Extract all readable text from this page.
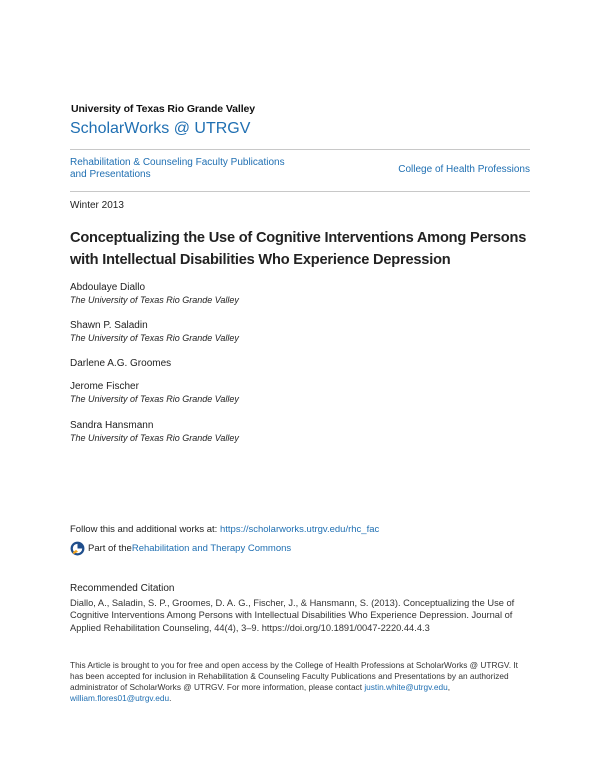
University of Texas Rio Grande Valley
ScholarWorks @ UTRGV
Rehabilitation & Counseling Faculty Publications and Presentations	College of Health Professions
Winter 2013
Conceptualizing the Use of Cognitive Interventions Among Persons with Intellectual Disabilities Who Experience Depression
Abdoulaye Diallo
The University of Texas Rio Grande Valley
Shawn P. Saladin
The University of Texas Rio Grande Valley
Darlene A.G. Groomes
Jerome Fischer
The University of Texas Rio Grande Valley
Sandra Hansmann
The University of Texas Rio Grande Valley
Follow this and additional works at: https://scholarworks.utrgv.edu/rhc_fac
Part of the Rehabilitation and Therapy Commons
Recommended Citation
Diallo, A., Saladin, S. P., Groomes, D. A. G., Fischer, J., & Hansmann, S. (2013). Conceptualizing the Use of Cognitive Interventions Among Persons with Intellectual Disabilities Who Experience Depression. Journal of Applied Rehabilitation Counseling, 44(4), 3–9. https://doi.org/10.1891/0047-2220.44.4.3
This Article is brought to you for free and open access by the College of Health Professions at ScholarWorks @ UTRGV. It has been accepted for inclusion in Rehabilitation & Counseling Faculty Publications and Presentations by an authorized administrator of ScholarWorks @ UTRGV. For more information, please contact justin.white@utrgv.edu, william.flores01@utrgv.edu.
